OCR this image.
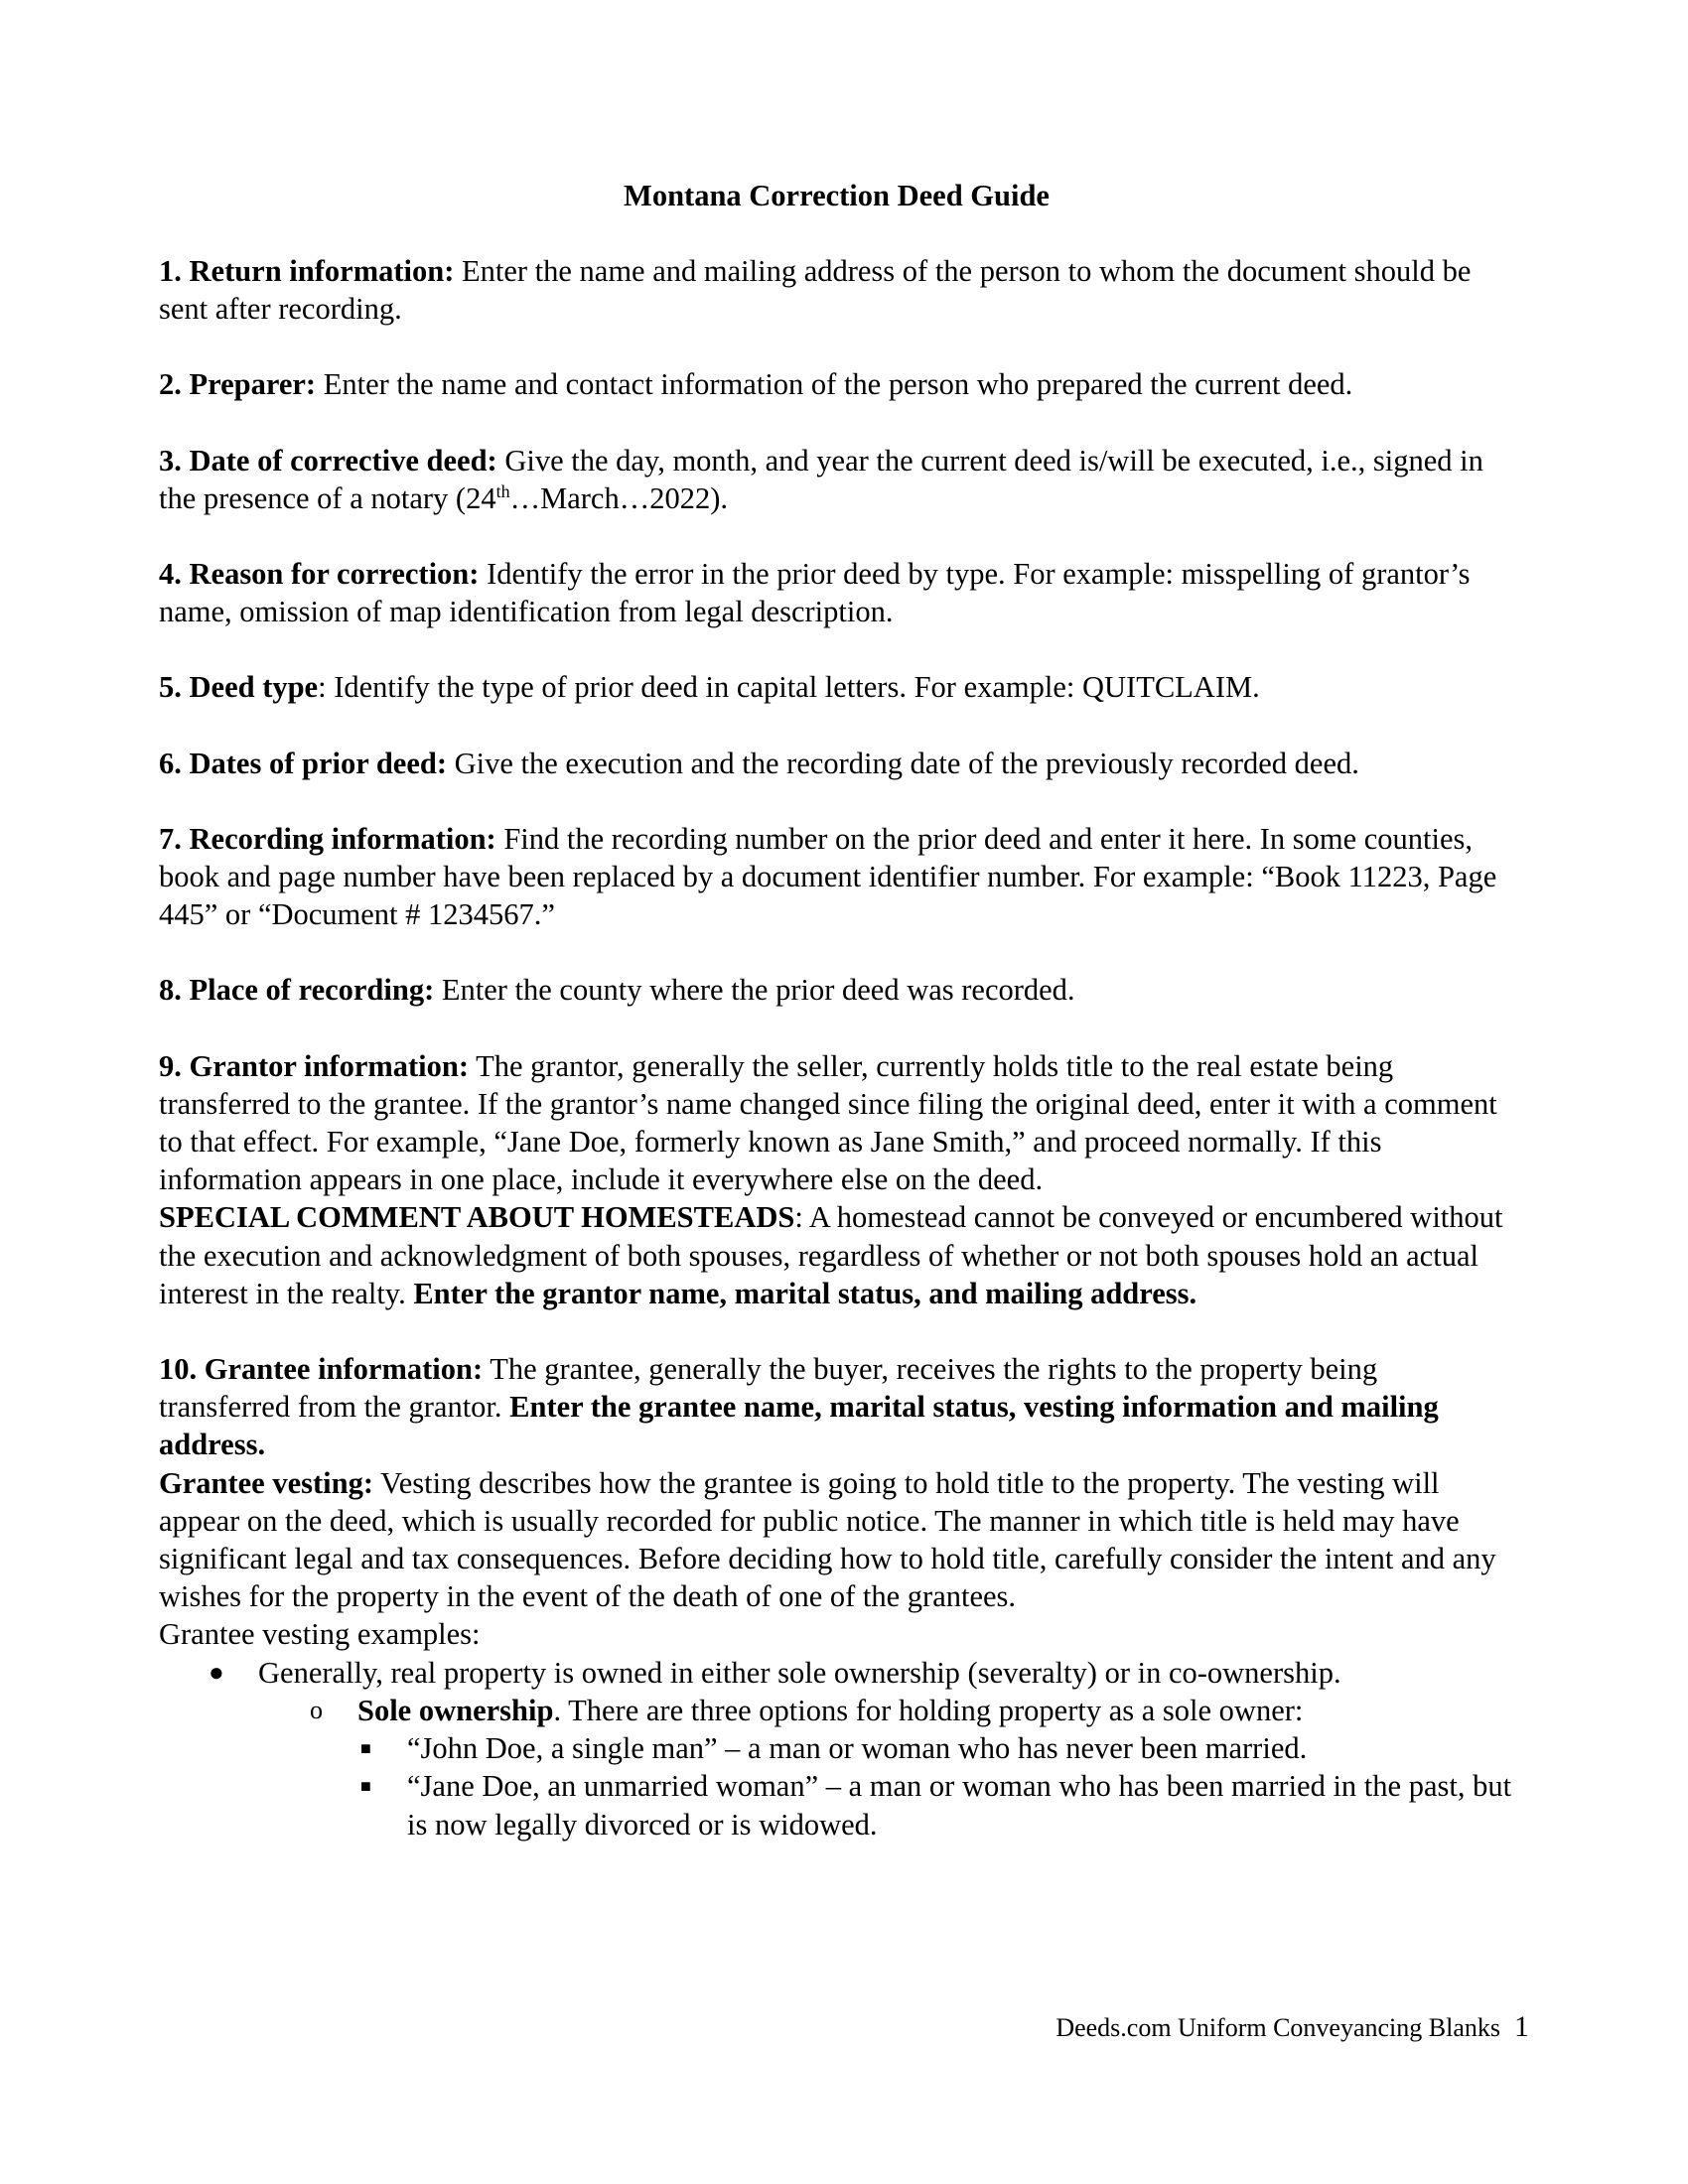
Montana Correction Deed Guide

1. Return information: Enter the name and mailing address of the person to whom the document should be sent after recording.

2. Preparer: Enter the name and contact information of the person who prepared the current deed.

3. Date of corrective deed: Give the day, month, and year the current deed is/will be executed, i.e., signed in the presence of a notary (24th…March…2022).

4. Reason for correction: Identify the error in the prior deed by type. For example: misspelling of grantor’s name, omission of map identification from legal description.

5. Deed type: Identify the type of prior deed in capital letters. For example: QUITCLAIM.

6. Dates of prior deed: Give the execution and the recording date of the previously recorded deed.

7. Recording information: Find the recording number on the prior deed and enter it here. In some counties, book and page number have been replaced by a document identifier number. For example: “Book 11223, Page 445” or “Document # 1234567.”

8. Place of recording: Enter the county where the prior deed was recorded.

9. Grantor information: The grantor, generally the seller, currently holds title to the real estate being transferred to the grantee. If the grantor’s name changed since filing the original deed, enter it with a comment to that effect. For example, “Jane Doe, formerly known as Jane Smith,” and proceed normally. If this information appears in one place, include it everywhere else on the deed.
SPECIAL COMMENT ABOUT HOMESTEADS: A homestead cannot be conveyed or encumbered without the execution and acknowledgment of both spouses, regardless of whether or not both spouses hold an actual interest in the realty. Enter the grantor name, marital status, and mailing address.

10. Grantee information: The grantee, generally the buyer, receives the rights to the property being transferred from the grantor. Enter the grantee name, marital status, vesting information and mailing address.

Grantee vesting: Vesting describes how the grantee is going to hold title to the property. The vesting will appear on the deed, which is usually recorded for public notice. The manner in which title is held may have significant legal and tax consequences. Before deciding how to hold title, carefully consider the intent and any wishes for the property in the event of the death of one of the grantees.

Grantee vesting examples:

● Generally, real property is owned in either sole ownership (severalty) or in co-ownership.
o Sole ownership. There are three options for holding property as a sole owner:
■ “John Doe, a single man” – a man or woman who has never been married.
■ “Jane Doe, an unmarried woman” – a man or woman who has been married in the past, but is now legally divorced or is widowed.
Deeds.com Uniform Conveyancing Blanks 1
